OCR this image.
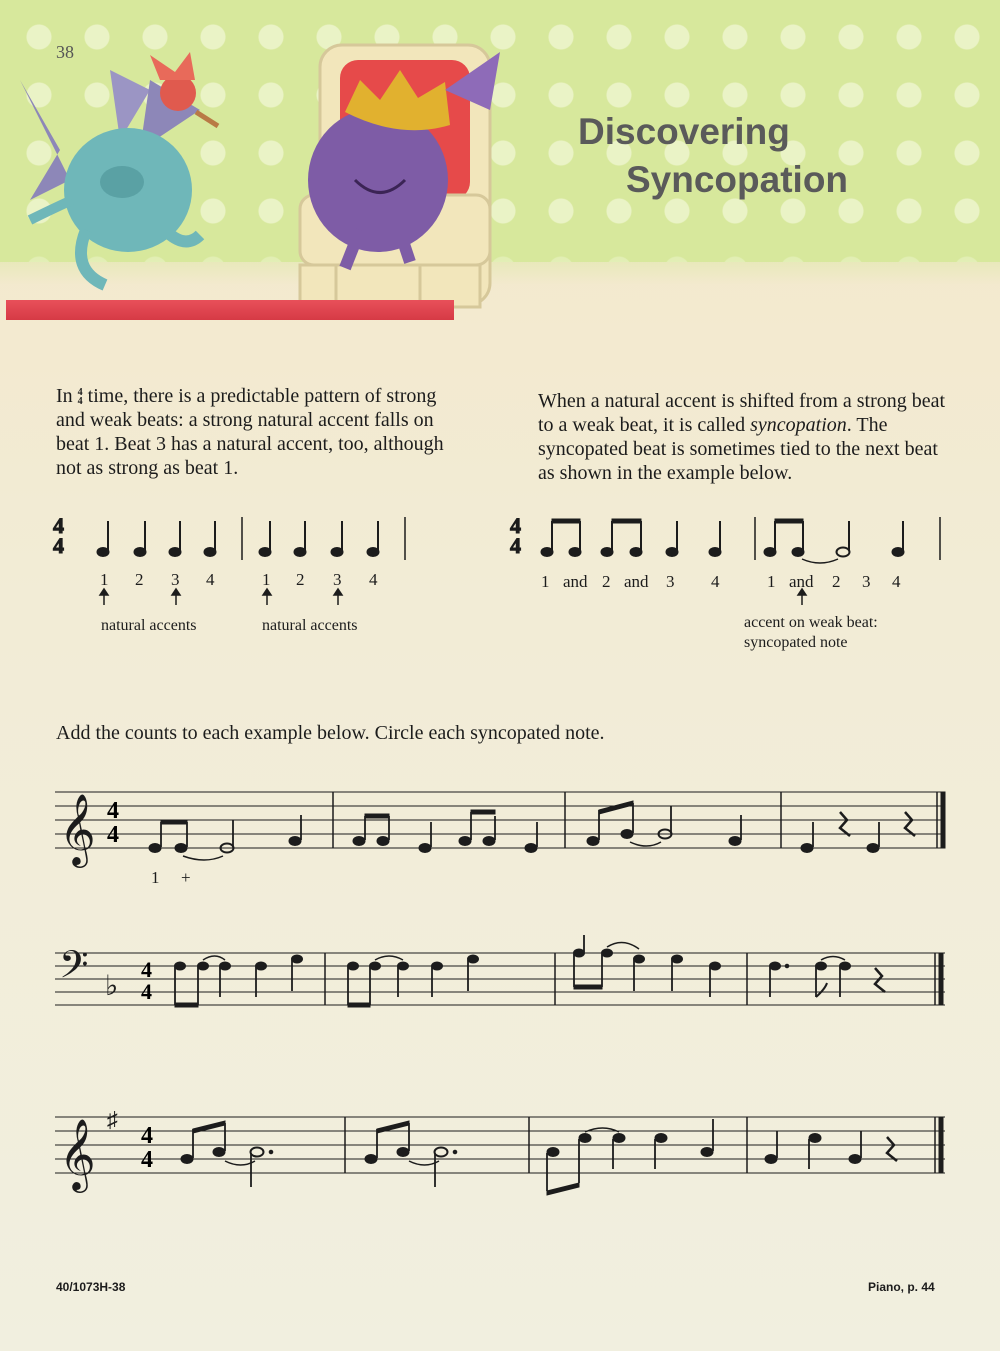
38
Discovering
Syncopation
In 4
4 time, there is a predictable pattern of strong and weak beats: a strong natural accent falls on beat 1. Beat 3 has a natural accent, too, although not as strong as beat 1.
When a natural accent is shifted from a strong beat to a weak beat, it is called syncopation. The syncopated beat is sometimes tied to the next beat as shown in the example below.
4
4
4
4
1 2 3 4	1 2 3 4
natural accents	natural accents
1 and 2 and 3 4	1 and 2 3 4
accent on weak beat:
syncopated note
Add the counts to each example below. Circle each syncopated note.
𝄞 4
4
1 +
𝄢 ♭
4
4
𝄞
♯
4
4
40/1073H-38	Piano, p. 44
